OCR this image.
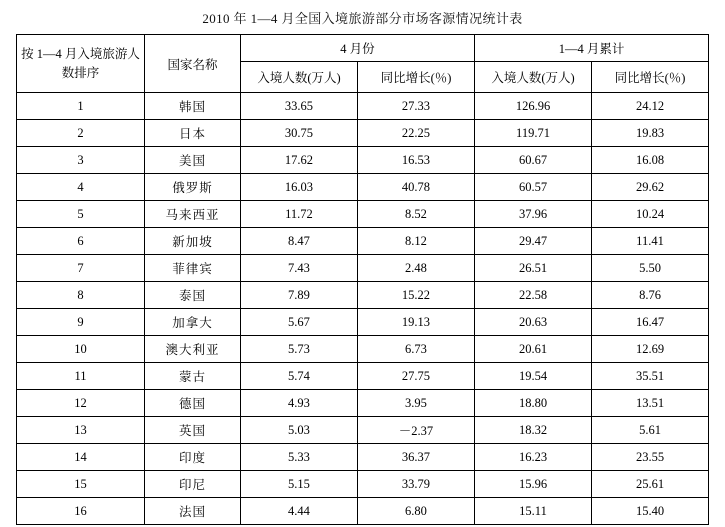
2010 年 1—4 月全国入境旅游部分市场客源情况统计表
按 1—4 月入境旅游人数排序	国家名称	4 月份		1—4 月累计	
		入境人数(万人)	同比增长(％)	入境人数(万人)	同比增长(％)
1	韩国	33.65	27.33	126.96	24.12
2	日本	30.75	22.25	119.71	19.83
3	美国	17.62	16.53	60.67	16.08
4	俄罗斯	16.03	40.78	60.57	29.62
5	马来西亚	11.72	8.52	37.96	10.24
6	新加坡	8.47	8.12	29.47	11.41
7	菲律宾	7.43	2.48	26.51	5.50
8	泰国	7.89	15.22	22.58	8.76
9	加拿大	5.67	19.13	20.63	16.47
10	澳大利亚	5.73	6.73	20.61	12.69
11	蒙古	5.74	27.75	19.54	35.51
12	德国	4.93	3.95	18.80	13.51
13	英国	5.03	－2.37	18.32	5.61
14	印度	5.33	36.37	16.23	23.55
15	印尼	5.15	33.79	15.96	25.61
16	法国	4.44	6.80	15.11	15.40
